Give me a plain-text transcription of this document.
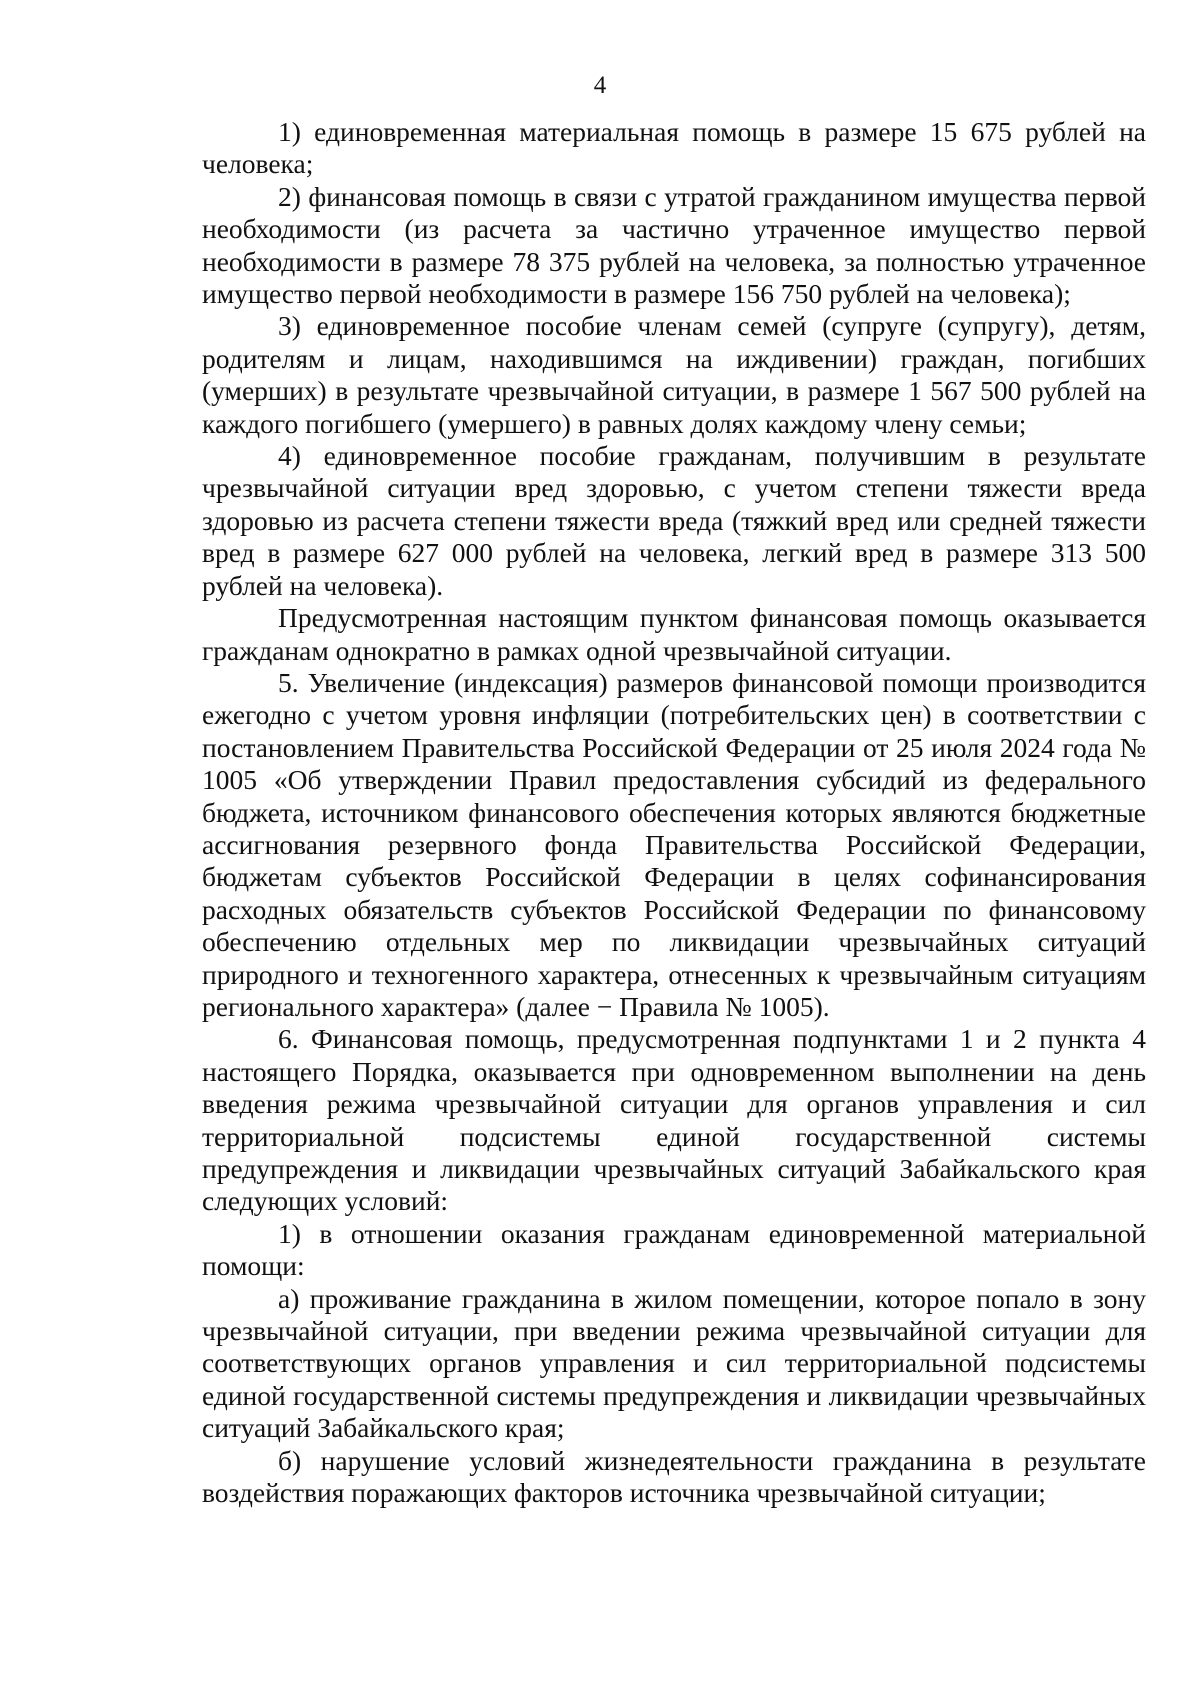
4

1) единовременная материальная помощь в размере 15 675 рублей на человека;

2) финансовая помощь в связи с утратой гражданином имущества первой необходимости (из расчета за частично утраченное имущество первой необходимости в размере 78 375 рублей на человека, за полностью утраченное имущество первой необходимости в размере 156 750 рублей на человека);

3) единовременное пособие членам семей (супруге (супругу), детям, родителям и лицам, находившимся на иждивении) граждан, погибших (умерших) в результате чрезвычайной ситуации, в размере 1 567 500 рублей на каждого погибшего (умершего) в равных долях каждому члену семьи;

4) единовременное пособие гражданам, получившим в результате чрезвычайной ситуации вред здоровью, с учетом степени тяжести вреда здоровью из расчета степени тяжести вреда (тяжкий вред или средней тяжести вред в размере 627 000 рублей на человека, легкий вред в размере 313 500 рублей на человека).

Предусмотренная настоящим пунктом финансовая помощь оказывается гражданам однократно в рамках одной чрезвычайной ситуации.

5. Увеличение (индексация) размеров финансовой помощи производится ежегодно с учетом уровня инфляции (потребительских цен) в соответствии с постановлением Правительства Российской Федерации от 25 июля 2024 года № 1005 «Об утверждении Правил предоставления субсидий из федерального бюджета, источником финансового обеспечения которых являются бюджетные ассигнования резервного фонда Правительства Российской Федерации, бюджетам субъектов Российской Федерации в целях софинансирования расходных обязательств субъектов Российской Федерации по финансовому обеспечению отдельных мер по ликвидации чрезвычайных ситуаций природного и техногенного характера, отнесенных к чрезвычайным ситуациям регионального характера» (далее − Правила № 1005).

6. Финансовая помощь, предусмотренная подпунктами 1 и 2 пункта 4 настоящего Порядка, оказывается при одновременном выполнении на день введения режима чрезвычайной ситуации для органов управления и сил территориальной подсистемы единой государственной системы предупреждения и ликвидации чрезвычайных ситуаций Забайкальского края следующих условий:

1) в отношении оказания гражданам единовременной материальной помощи:

а) проживание гражданина в жилом помещении, которое попало в зону чрезвычайной ситуации, при введении режима чрезвычайной ситуации для соответствующих органов управления и сил территориальной подсистемы единой государственной системы предупреждения и ликвидации чрезвычайных ситуаций Забайкальского края;

б) нарушение условий жизнедеятельности гражданина в результате воздействия поражающих факторов источника чрезвычайной ситуации;
